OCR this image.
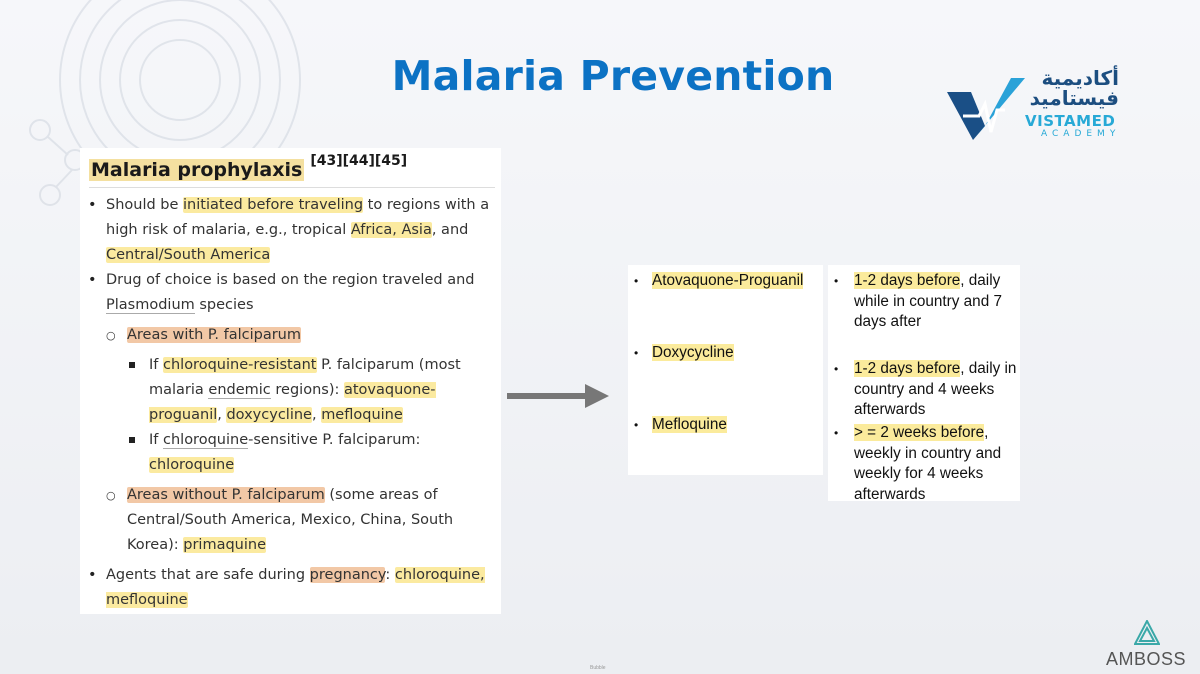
Malaria Prevention	أكاديمية
فيستاميد
VISTAMED
ACADEMY
Malaria prophylaxis [43][44][45]
• Should be initiated before traveling to regions with a high risk of malaria, e.g., tropical Africa, Asia, and Central/South America
• Drug of choice is based on the region traveled and Plasmodium species
○ Areas with P. falciparum
If chloroquine-resistant P. falciparum (most malaria endemic regions): atovaquone-proguanil, doxycycline, mefloquine
If chloroquine-sensitive P. falciparum: chloroquine
○ Areas without P. falciparum (some areas of Central/South America, Mexico, China, South Korea): primaquine
• Agents that are safe during pregnancy: chloroquine, mefloquine
• Atovaquone-Proguanil
• Doxycycline
• Mefloquine
• 1-2 days before, daily while in country and 7 days after
• 1-2 days before, daily in country and 4 weeks afterwards
• > = 2 weeks before, weekly in country and weekly for 4 weeks afterwards
AMBOSS
Bubble
